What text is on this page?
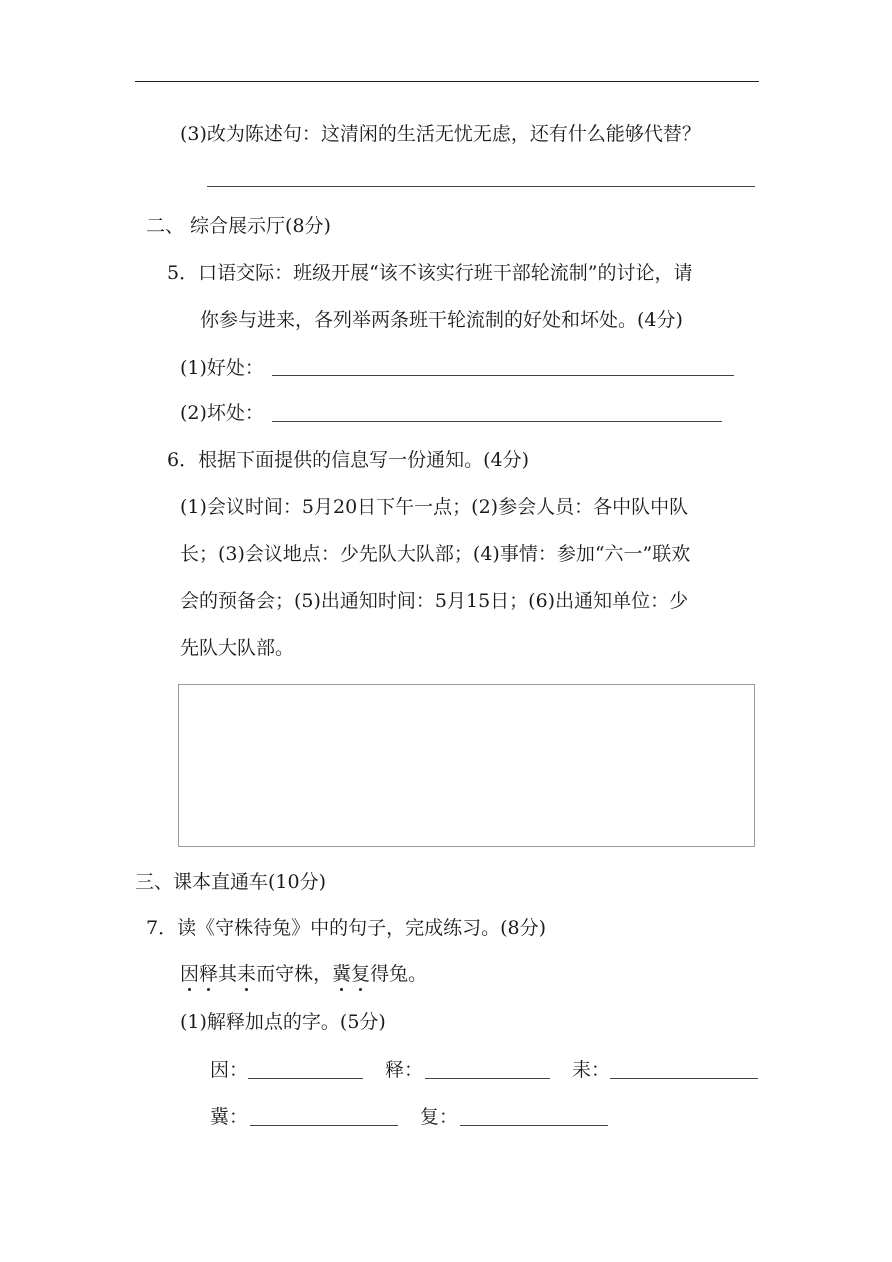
(3)改为陈述句：这清闲的生活无忧无虑，还有什么能够代替？
二、 综合展示厅(8分)
5．口语交际：班级开展“该不该实行班干部轮流制”的讨论，请
你参与进来，各列举两条班干轮流制的好处和坏处。(4分)
(1)好处：
(2)坏处：
6．根据下面提供的信息写一份通知。(4分)
(1)会议时间：5月20日下午一点；(2)参会人员：各中队中队
长；(3)会议地点：少先队大队部；(4)事情：参加“六一”联欢
会的预备会；(5)出通知时间：5月15日；(6)出通知单位：少
先队大队部。
三、课本直通车(10分)
7．读《守株待兔》中的句子，完成练习。(8分)
因释其耒而守株，冀复得兔。
(1)解释加点的字。(5分)
因：	释：	耒：
冀：	复：
